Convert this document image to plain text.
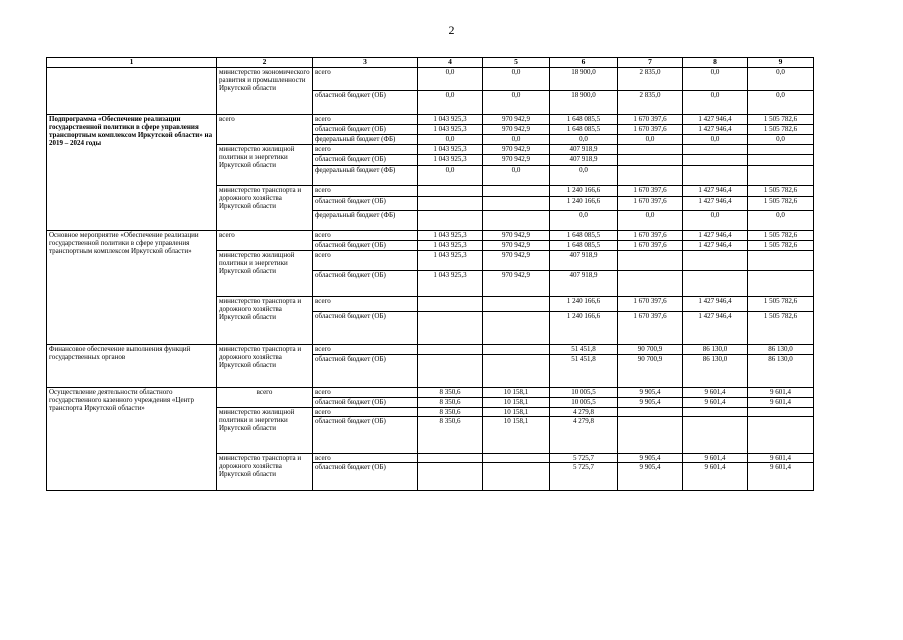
2
1	2	3	4	5	6	7	8	9
	министерство экономического развития и промышленности Иркутской области	всего	0,0	0,0	18 900,0	2 835,0	0,0	0,0
		областной бюджет (ОБ)	0,0	0,0	18 900,0	2 835,0	0,0	0,0
Подпрограмма «Обеспечение реализации государственной политики в сфере управления транспортным комплексом Иркутской области» на 2019 – 2024 годы	всего	всего	1 043 925,3	970 942,9	1 648 085,5	1 670 397,6	1 427 946,4	1 505 782,6
		областной бюджет (ОБ)	1 043 925,3	970 942,9	1 648 085,5	1 670 397,6	1 427 946,4	1 505 782,6
		федеральный бюджет (ФБ)	0,0	0,0	0,0	0,0	0,0	0,0
	министерство жилищной политики и энергетики Иркутской области	всего	1 043 925,3	970 942,9	407 918,9			
		областной бюджет (ОБ)	1 043 925,3	970 942,9	407 918,9			
		федеральный бюджет (ФБ)	0,0	0,0	0,0			
	министерство транспорта и дорожного хозяйства Иркутской области	всего			1 240 166,6	1 670 397,6	1 427 946,4	1 505 782,6
		областной бюджет (ОБ)			1 240 166,6	1 670 397,6	1 427 946,4	1 505 782,6
		федеральный бюджет (ФБ)			0,0	0,0	0,0	0,0
Основное мероприятие «Обеспечение реализации государственной политики в сфере управления транспортным комплексом Иркутской области»	всего	всего	1 043 925,3	970 942,9	1 648 085,5	1 670 397,6	1 427 946,4	1 505 782,6
		областной бюджет (ОБ)	1 043 925,3	970 942,9	1 648 085,5	1 670 397,6	1 427 946,4	1 505 782,6
	министерство жилищной политики и энергетики Иркутской области	всего	1 043 925,3	970 942,9	407 918,9			
		областной бюджет (ОБ)	1 043 925,3	970 942,9	407 918,9			
	министерство транспорта и дорожного хозяйства Иркутской области	всего			1 240 166,6	1 670 397,6	1 427 946,4	1 505 782,6
		областной бюджет (ОБ)			1 240 166,6	1 670 397,6	1 427 946,4	1 505 782,6
Финансовое обеспечение выполнения функций государственных органов	министерство транспорта и дорожного хозяйства Иркутской области	всего			51 451,8	90 700,9	86 130,0	86 130,0
		областной бюджет (ОБ)			51 451,8	90 700,9	86 130,0	86 130,0
Осуществление деятельности областного государственного казенного учреждения «Центр транспорта Иркутской области»	всего	всего	8 350,6	10 158,1	10 005,5	9 905,4	9 601,4	9 601,4
		областной бюджет (ОБ)	8 350,6	10 158,1	10 005,5	9 905,4	9 601,4	9 601,4
	министерство жилищной политики и энергетики Иркутской области	всего	8 350,6	10 158,1	4 279,8			
		областной бюджет (ОБ)	8 350,6	10 158,1	4 279,8			
	министерство транспорта и дорожного хозяйства Иркутской области	всего			5 725,7	9 905,4	9 601,4	9 601,4
		областной бюджет (ОБ)			5 725,7	9 905,4	9 601,4	9 601,4
